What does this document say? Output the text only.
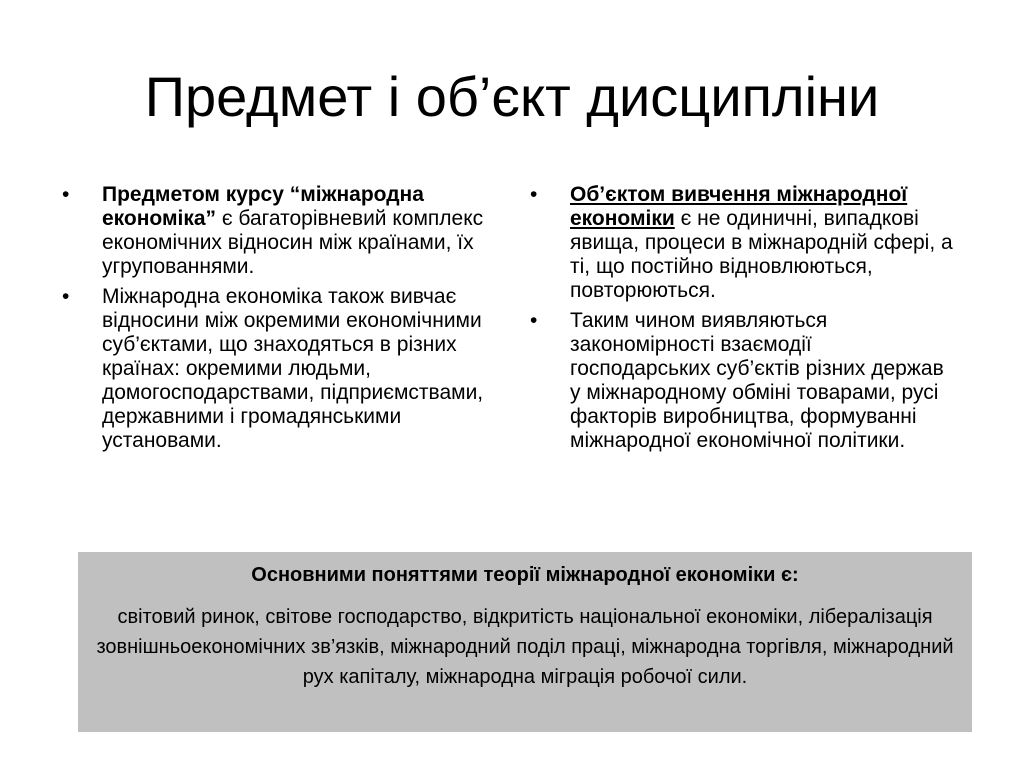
Предмет і об’єкт дисципліни
•	Предметом курсу “міжнародна економіка” є багаторівневий комплекс економічних відносин між країнами, їх угрупованнями.
•	Міжнародна економіка також вивчає відносини між окремими економічними суб’єктами, що знаходяться в різних країнах: окремими людьми, домогосподарствами, підприємствами, державними і громадянськими установами.
•	Об’єктом вивчення міжнародної економіки є не одиничні, випадкові явища, процеси в міжнародній сфері, а ті, що постійно відновлюються, повторюються.
•	Таким чином виявляються закономірності взаємодії господарських суб’єктів різних держав у міжнародному обміні товарами, русі факторів виробництва, формуванні міжнародної економічної політики.

Основними поняттями теорії міжнародної економіки є:

світовий ринок, світове господарство, відкритість національної економіки, лібералізація зовнішньоекономічних зв’язків, міжнародний поділ праці, міжнародна торгівля, міжнародний рух капіталу, міжнародна міграція робочої сили.
